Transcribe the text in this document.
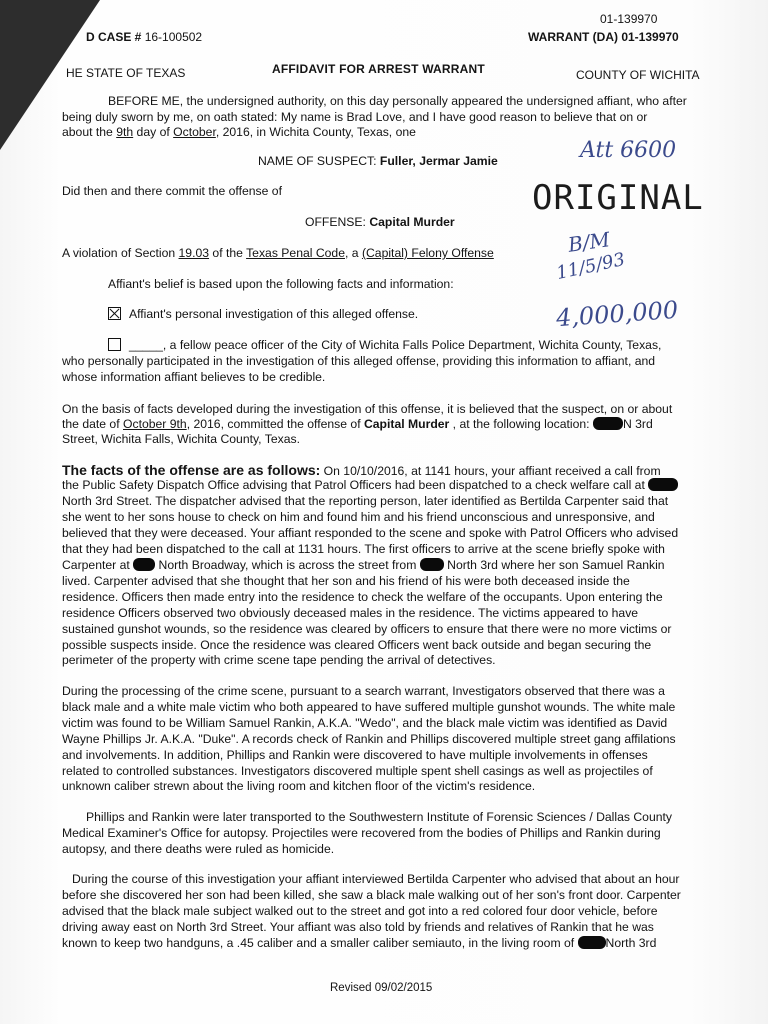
D CASE # 16-100502
01-139970
WARRANT (DA) 01-139970
HE STATE OF TEXAS	AFFIDAVIT FOR ARREST WARRANT	COUNTY OF WICHITA
BEFORE ME, the undersigned authority, on this day personally appeared the undersigned affiant, who after
being duly sworn by me, on oath stated: My name is Brad Love, and I have good reason to believe that on or
about the 9th day of October, 2016, in Wichita County, Texas, one
NAME OF SUSPECT: Fuller, Jermar Jamie
Did then and there commit the offense of
OFFENSE: Capital Murder
A violation of Section 19.03 of the Texas Penal Code, a (Capital) Felony Offense
Affiant's belief is based upon the following facts and information:
Affiant's personal investigation of this alleged offense.
_____, a fellow peace officer of the City of Wichita Falls Police Department, Wichita County, Texas,
who personally participated in the investigation of this alleged offense, providing this information to affiant, and
whose information affiant believes to be credible.
On the basis of facts developed during the investigation of this offense, it is believed that the suspect, on or about
the date of October 9th, 2016, committed the offense of Capital Murder , at the following location: N 3rd
Street, Wichita Falls, Wichita County, Texas.
The facts of the offense are as follows: On 10/10/2016, at 1141 hours, your affiant received a call from
the Public Safety Dispatch Office advising that Patrol Officers had been dispatched to a check welfare call at
North 3rd Street. The dispatcher advised that the reporting person, later identified as Bertilda Carpenter said that
she went to her sons house to check on him and found him and his friend unconscious and unresponsive, and
believed that they were deceased. Your affiant responded to the scene and spoke with Patrol Officers who advised
that they had been dispatched to the call at 1131 hours. The first officers to arrive at the scene briefly spoke with
Carpenter at  North Broadway, which is across the street from  North 3rd where her son Samuel Rankin
lived. Carpenter advised that she thought that her son and his friend of his were both deceased inside the
residence. Officers then made entry into the residence to check the welfare of the occupants. Upon entering the
residence Officers observed two obviously deceased males in the residence. The victims appeared to have
sustained gunshot wounds, so the residence was cleared by officers to ensure that there were no more victims or
possible suspects inside. Once the residence was cleared Officers went back outside and began securing the
perimeter of the property with crime scene tape pending the arrival of detectives.
During the processing of the crime scene, pursuant to a search warrant, Investigators observed that there was a
black male and a white male victim who both appeared to have suffered multiple gunshot wounds. The white male
victim was found to be William Samuel Rankin, A.K.A. "Wedo", and the black male victim was identified as David
Wayne Phillips Jr. A.K.A. "Duke". A records check of Rankin and Phillips discovered multiple street gang affilations
and involvements. In addition, Phillips and Rankin were discovered to have multiple involvements in offenses
related to controlled substances. Investigators discovered multiple spent shell casings as well as projectiles of
unknown caliber strewn about the living room and kitchen floor of the victim's residence.
Phillips and Rankin were later transported to the Southwestern Institute of Forensic Sciences / Dallas County
Medical Examiner's Office for autopsy. Projectiles were recovered from the bodies of Phillips and Rankin during
autopsy, and there deaths were ruled as homicide.
During the course of this investigation your affiant interviewed Bertilda Carpenter who advised that about an hour
before she discovered her son had been killed, she saw a black male walking out of her son's front door. Carpenter
advised that the black male subject walked out to the street and got into a red colored four door vehicle, before
driving away east on North 3rd Street. Your affiant was also told by friends and relatives of Rankin that he was
known to keep two handguns, a .45 caliber and a smaller caliber semiauto, in the living room of North 3rd
Att 6600
ORIGINAL
B/M
11/5/93
4,000,000
Revised 09/02/2015
